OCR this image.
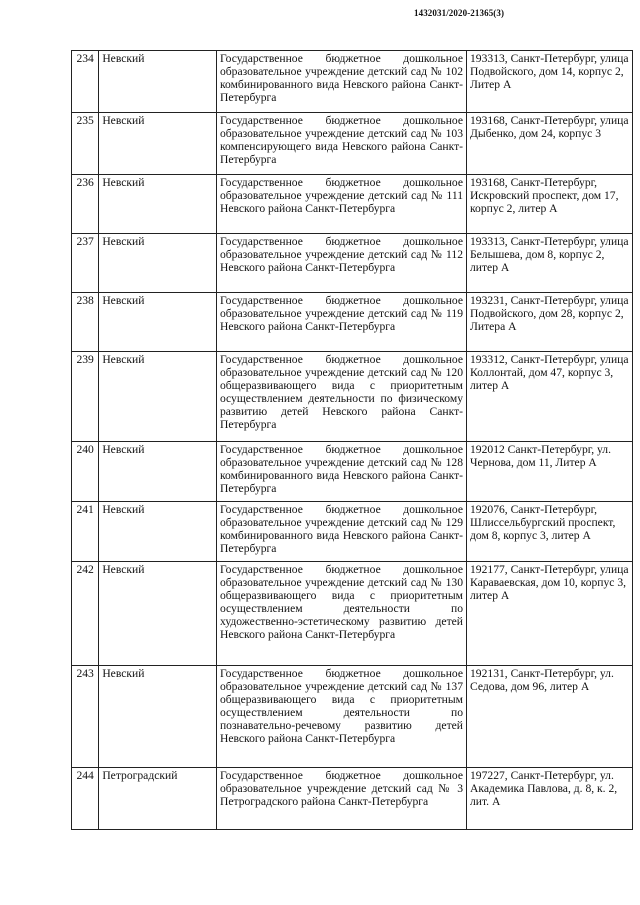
1432031/2020-21365(3)
234	Невский	Государственное бюджетное дошкольное образовательное учреждение детский сад № 102 комбинированного вида Невского района Санкт- Петербурга	193313, Санкт-Петербург, улица Подвойского, дом 14, корпус 2, Литер А
235	Невский	Государственное бюджетное дошкольное образовательное учреждение детский сад № 103 компенсирующего вида Невского района Санкт- Петербурга	193168, Санкт-Петербург, улица Дыбенко, дом 24, корпус 3
236	Невский	Государственное бюджетное дошкольное образовательное учреждение детский сад № 111 Невского района Санкт-Петербурга	193168, Санкт-Петербург, Искровский проспект, дом 17, корпус 2, литер А
237	Невский	Государственное бюджетное дошкольное образовательное учреждение детский сад № 112 Невского района Санкт-Петербурга	193313, Санкт-Петербург, улица Белышева, дом 8, корпус 2, литер А
238	Невский	Государственное бюджетное дошкольное образовательное учреждение детский сад № 119 Невского района Санкт-Петербурга	193231, Санкт-Петербург, улица Подвойского, дом 28, корпус 2, Литера А
239	Невский	Государственное бюджетное дошкольное образовательное учреждение детский сад № 120 общеразвивающего вида с приоритетным осуществлением деятельности по физическому развитию детей Невского района Санкт-Петербурга	193312, Санкт-Петербург, улица Коллонтай, дом 47, корпус 3, литер А
240	Невский	Государственное бюджетное дошкольное образовательное учреждение детский сад № 128 комбинированного вида Невского района Санкт-Петербурга	192012 Санкт-Петербург, ул. Чернова, дом 11, Литер А
241	Невский	Государственное бюджетное дошкольное образовательное учреждение детский сад № 129 комбинированного вида Невского района Санкт-Петербурга	192076, Санкт-Петербург, Шлиссельбургский проспект, дом 8, корпус 3, литер А
242	Невский	Государственное бюджетное дошкольное образовательное учреждение детский сад № 130 общеразвивающего вида с приоритетным осуществлением деятельности по художественно-эстетическому развитию детей Невского района Санкт-Петербурга	192177, Санкт-Петербург, улица Караваевская, дом 10, корпус 3, литер А
243	Невский	Государственное бюджетное дошкольное образовательное учреждение детский сад № 137 общеразвивающего вида с приоритетным осуществлением деятельности по познавательно-речевому развитию детей Невского района Санкт-Петербурга	192131, Санкт-Петербург, ул. Седова, дом 96, литер А
244	Петроградский	Государственное бюджетное дошкольное образовательное учреждение детский сад № 3 Петроградского района Санкт-Петербурга	197227, Санкт-Петербург, ул. Академика Павлова, д. 8, к. 2, лит. А
